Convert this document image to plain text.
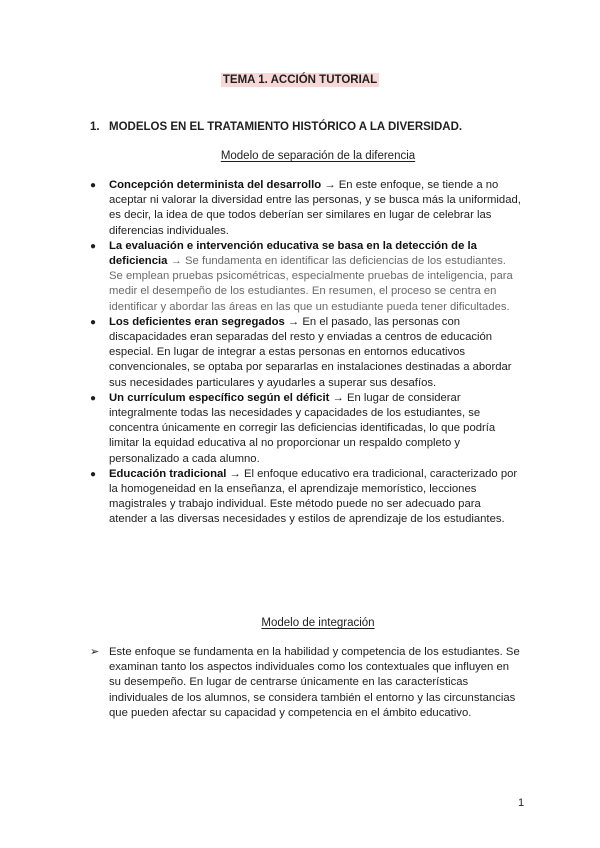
TEMA 1. ACCIÓN TUTORIAL
1. MODELOS EN EL TRATAMIENTO HISTÓRICO A LA DIVERSIDAD.
Modelo de separación de la diferencia
● Concepción determinista del desarrollo → En este enfoque, se tiende a no aceptar ni valorar la diversidad entre las personas, y se busca más la uniformidad, es decir, la idea de que todos deberían ser similares en lugar de celebrar las diferencias individuales.
● La evaluación e intervención educativa se basa en la detección de la deficiencia → Se fundamenta en identificar las deficiencias de los estudiantes. Se emplean pruebas psicométricas, especialmente pruebas de inteligencia, para medir el desempeño de los estudiantes. En resumen, el proceso se centra en identificar y abordar las áreas en las que un estudiante pueda tener dificultades.
● Los deficientes eran segregados → En el pasado, las personas con discapacidades eran separadas del resto y enviadas a centros de educación especial. En lugar de integrar a estas personas en entornos educativos convencionales, se optaba por separarlas en instalaciones destinadas a abordar sus necesidades particulares y ayudarles a superar sus desafíos.
● Un currículum específico según el déficit → En lugar de considerar integralmente todas las necesidades y capacidades de los estudiantes, se concentra únicamente en corregir las deficiencias identificadas, lo que podría limitar la equidad educativa al no proporcionar un respaldo completo y personalizado a cada alumno.
● Educación tradicional → El enfoque educativo era tradicional, caracterizado por la homogeneidad en la enseñanza, el aprendizaje memorístico, lecciones magistrales y trabajo individual. Este método puede no ser adecuado para atender a las diversas necesidades y estilos de aprendizaje de los estudiantes.
Modelo de integración
➢ Este enfoque se fundamenta en la habilidad y competencia de los estudiantes. Se examinan tanto los aspectos individuales como los contextuales que influyen en su desempeño. En lugar de centrarse únicamente en las características individuales de los alumnos, se considera también el entorno y las circunstancias que pueden afectar su capacidad y competencia en el ámbito educativo.
1
